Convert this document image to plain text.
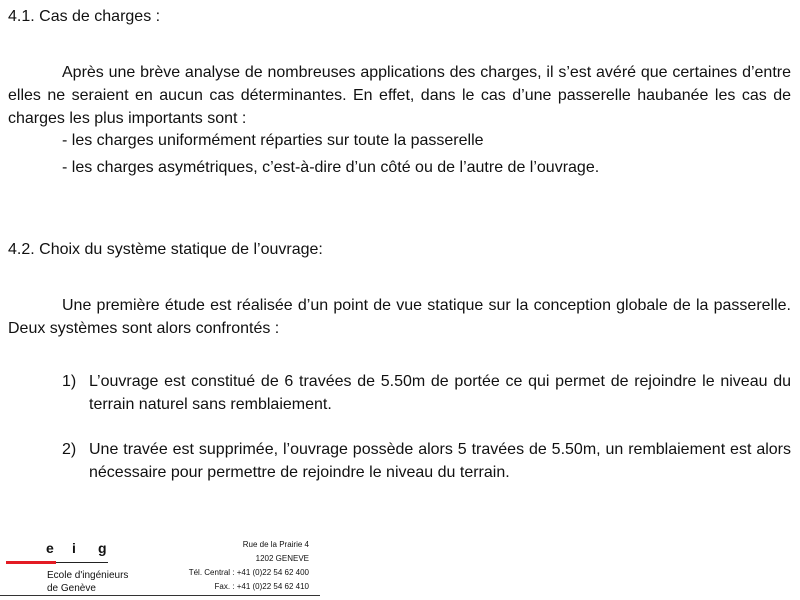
4.1. Cas de charges :
Après une brève analyse de nombreuses applications des charges, il s’est avéré que certaines d’entre elles ne seraient en aucun cas déterminantes. En effet, dans le cas d’une passerelle haubanée les cas de charges les plus importants sont :
- les charges uniformément réparties sur toute la passerelle
- les charges asymétriques, c’est-à-dire d’un côté ou de l’autre de l’ouvrage.
4.2. Choix du système statique de l’ouvrage:
Une première étude est réalisée d’un point de vue statique sur la conception globale de la passerelle. Deux systèmes sont alors confrontés :
1) L’ouvrage est constitué de 6 travées de 5.50m de portée ce qui permet de rejoindre le niveau du terrain naturel sans remblaiement.
2) Une travée est supprimée, l’ouvrage possède alors 5 travées de 5.50m, un remblaiement est alors nécessaire pour permettre de rejoindre le niveau du terrain.
e i g
Ecole d'ingénieurs
de Genève
Rue de la Prairie 4
1202 GENEVE
Tél. Central : +41 (0)22 54 62 400
Fax. : +41 (0)22 54 62 410
